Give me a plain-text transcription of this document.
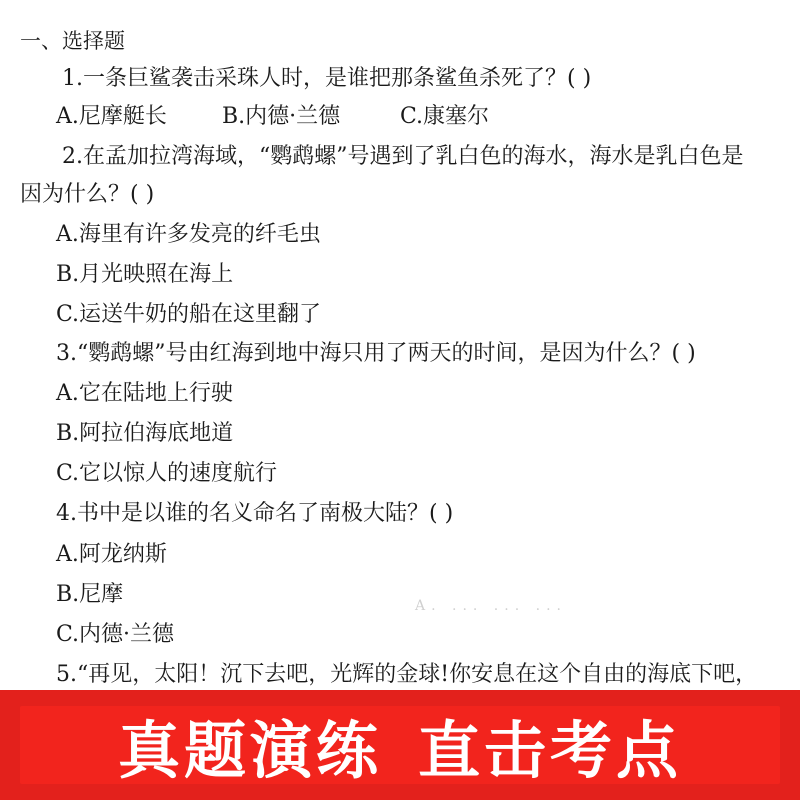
一、选择题
1.一条巨鲨袭击采珠人时，是谁把那条鲨鱼杀死了？( )
A.尼摩艇长	B.内德·兰德	C.康塞尔
2.在孟加拉湾海域，“鹦鹉螺”号遇到了乳白色的海水，海水是乳白色是
因为什么？( )
A.海里有许多发亮的纤毛虫
B.月光映照在海上
C.运送牛奶的船在这里翻了
3.“鹦鹉螺”号由红海到地中海只用了两天的时间，是因为什么？( )
A.它在陆地上行驶
B.阿拉伯海底地道
C.它以惊人的速度航行
4.书中是以谁的名义命名了南极大陆？( )
A.阿龙纳斯
B.尼摩
C.内德·兰德
A. ... ... ...
5.“再见，太阳！沉下去吧，光辉的金球!你安息在这个自由的海底下吧，
真题演练 直击考点
